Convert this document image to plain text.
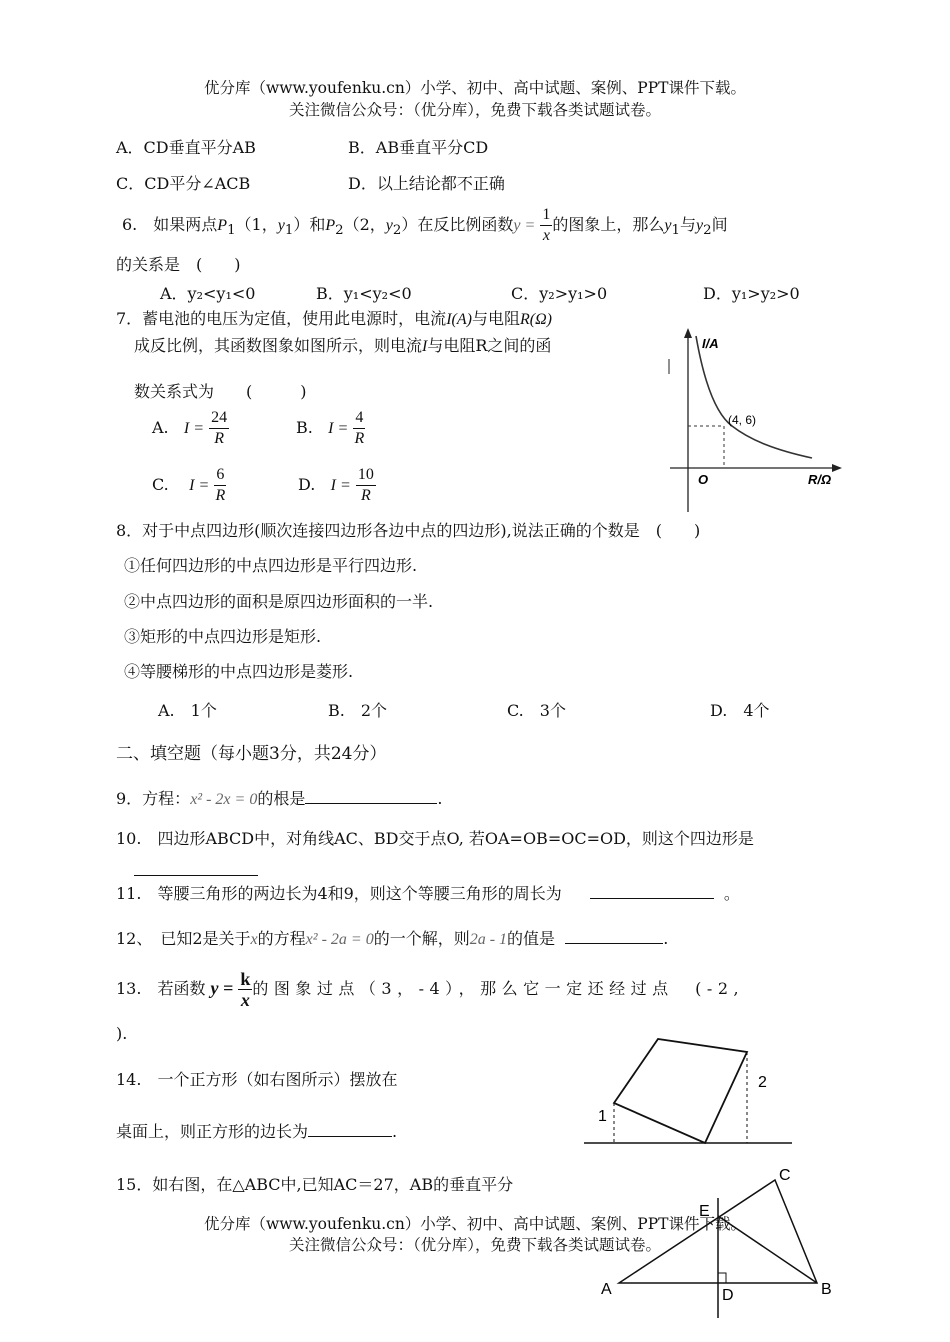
优分库（www.youfenku.cn）小学、初中、高中试题、案例、PPT课件下载。
关注微信公众号：（优分库），免费下载各类试题试卷。
A．CD垂直平分AB	B．AB垂直平分CD
C．CD平分∠ACB	D．以上结论都不正确
6.　如果两点$P_1(1$，$y_1$）和$P_2(2$，$y_2$）在反比例函数$y = \frac{1}{x}$ 的图象上，那么$y_1$与$y_2$间
的关系是　(　　)
A．y₂<y₁<0	B．y₁<y₂<0	C．y₂>y₁>0	D．y₁>y₂>0
7．蓄电池的电压为定值，使用此电源时，电流I(A)与电阻R(Ω)
成反比例，其函数图象如图所示，则电流I与电阻R之间的函
数关系式为　　(　　　)
A. $I = \frac{24}{R}$	B. $I = \frac{4}{R}$
C. $I = \frac{6}{R}$	D. $I = \frac{10}{R}$
I/A
R/Ω
O
(4, 6)
8．对于中点四边形(顺次连接四边形各边中点的四边形),说法正确的个数是　(　　)
①任何四边形的中点四边形是平行四边形.
②中点四边形的面积是原四边形面积的一半.
③矩形的中点四边形是矩形.
④等腰梯形的中点四边形是菱形.
A.　1个	B.　2个	C.　3个	D.　4个
二、填空题（每小题3分，共24分）
9．方程：x² - 2x = 0的根是	.
10.　四边形ABCD中，对角线AC、BD交于点O, 若OA=OB=OC=OD，则这个四边形是
11.　等腰三角形的两边长为4和9，则这个等腰三角形的周长为	。
12、　已知2是关于x的方程x² - 2a = 0的一个解，则2a - 1的值是	.
13.　若函数 $y = \frac{k}{x}$ 的图象过点（3，-4），那么它一定还经过点　(-2,
).
14.　一个正方形（如右图所示）摆放在
桌面上，则正方形的边长为	.
1
2
15．如右图，在△ABC中,已知AC＝27，AB的垂直平分	C
E
A	B
D
优分库（www.youfenku.cn）小学、初中、高中试题、案例、PPT课件下载。
关注微信公众号：（优分库），免费下载各类试题试卷。
